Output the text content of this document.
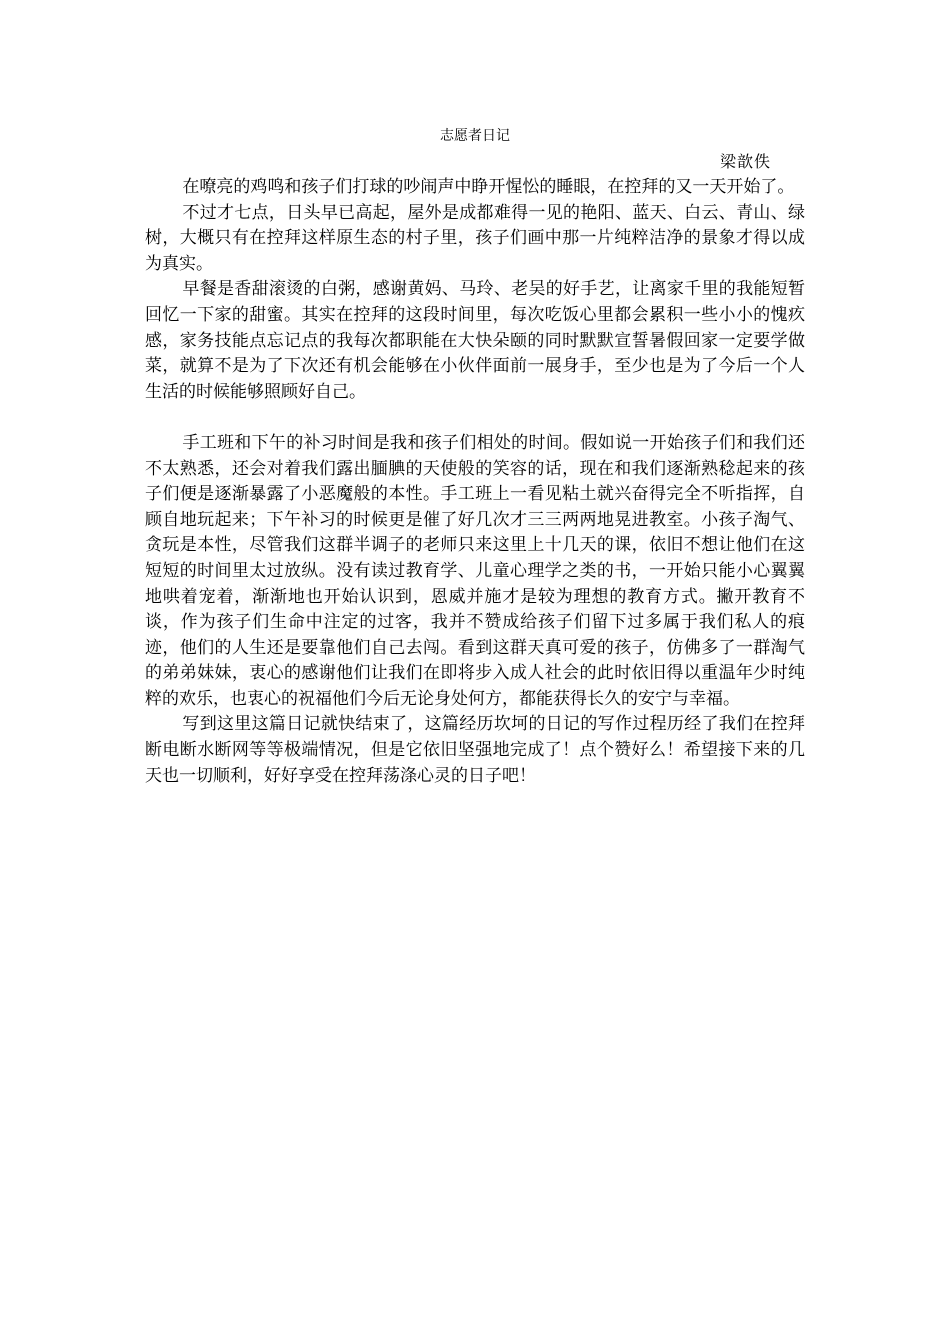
志愿者日记
梁歆佚

在嘹亮的鸡鸣和孩子们打球的吵闹声中睁开惺忪的睡眼，在控拜的又一天开始了。

不过才七点，日头早已高起，屋外是成都难得一见的艳阳、蓝天、白云、青山、绿树，大概只有在控拜这样原生态的村子里，孩子们画中那一片纯粹洁净的景象才得以成为真实。

早餐是香甜滚烫的白粥，感谢黄妈、马玲、老吴的好手艺，让离家千里的我能短暂回忆一下家的甜蜜。其实在控拜的这段时间里，每次吃饭心里都会累积一些小小的愧疚感，家务技能点忘记点的我每次都职能在大快朵颐的同时默默宣誓暑假回家一定要学做菜，就算不是为了下次还有机会能够在小伙伴面前一展身手，至少也是为了今后一个人生活的时候能够照顾好自己。

手工班和下午的补习时间是我和孩子们相处的时间。假如说一开始孩子们和我们还不太熟悉，还会对着我们露出腼腆的天使般的笑容的话，现在和我们逐渐熟稔起来的孩子们便是逐渐暴露了小恶魔般的本性。手工班上一看见粘土就兴奋得完全不听指挥，自顾自地玩起来；下午补习的时候更是催了好几次才三三两两地晃进教室。小孩子淘气、贪玩是本性，尽管我们这群半调子的老师只来这里上十几天的课，依旧不想让他们在这短短的时间里太过放纵。没有读过教育学、儿童心理学之类的书，一开始只能小心翼翼地哄着宠着，渐渐地也开始认识到，恩威并施才是较为理想的教育方式。撇开教育不谈，作为孩子们生命中注定的过客，我并不赞成给孩子们留下过多属于我们私人的痕迹，他们的人生还是要靠他们自己去闯。看到这群天真可爱的孩子，仿佛多了一群淘气的弟弟妹妹，衷心的感谢他们让我们在即将步入成人社会的此时依旧得以重温年少时纯粹的欢乐，也衷心的祝福他们今后无论身处何方，都能获得长久的安宁与幸福。

写到这里这篇日记就快结束了，这篇经历坎坷的日记的写作过程历经了我们在控拜断电断水断网等等极端情况，但是它依旧坚强地完成了！点个赞好么！希望接下来的几天也一切顺利，好好享受在控拜荡涤心灵的日子吧！
